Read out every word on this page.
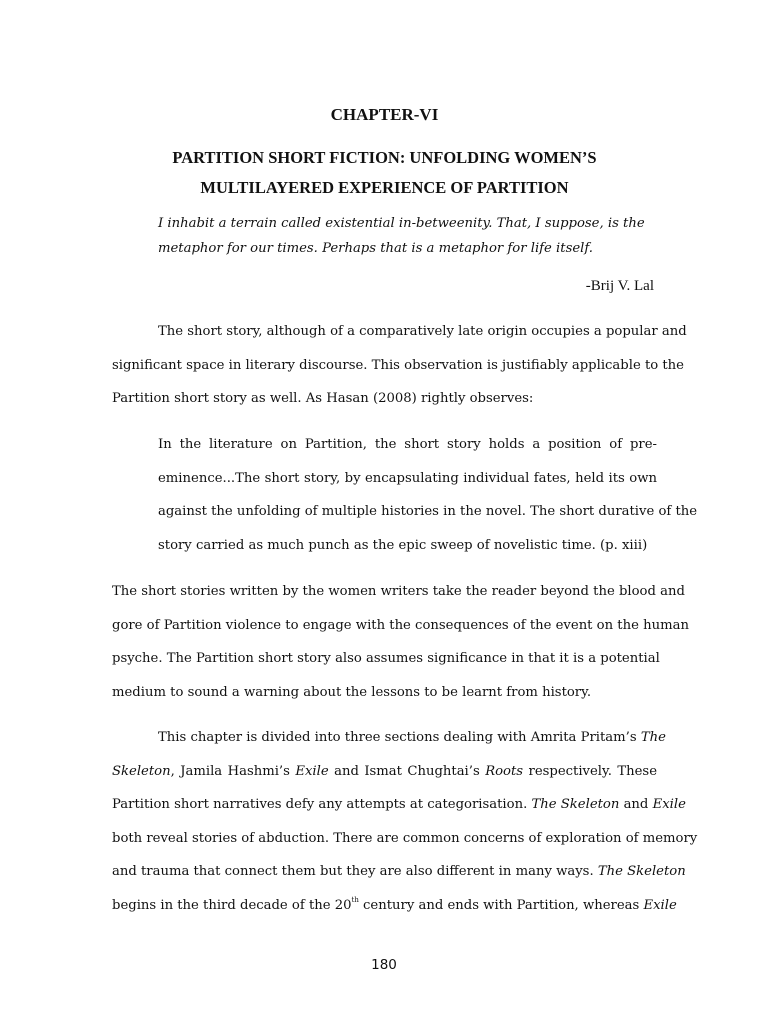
CHAPTER-VI
PARTITION SHORT FICTION: UNFOLDING WOMEN’S
MULTILAYERED EXPERIENCE OF PARTITION
I inhabit a terrain called existential in-betweenity. That, I suppose, is the
metaphor for our times. Perhaps that is a metaphor for life itself.
-Brij V. Lal
The short story, although of a comparatively late origin occupies a popular and
significant space in literary discourse. This observation is justifiably applicable to the
Partition short story as well. As Hasan (2008) rightly observes:
In the literature on Partition, the short story holds a position of pre-
eminence...The short story, by encapsulating individual fates, held its own
against the unfolding of multiple histories in the novel. The short durative of the
story carried as much punch as the epic sweep of novelistic time. (p. xiii)
The short stories written by the women writers take the reader beyond the blood and
gore of Partition violence to engage with the consequences of the event on the human
psyche. The Partition short story also assumes significance in that it is a potential
medium to sound a warning about the lessons to be learnt from history.
This chapter is divided into three sections dealing with Amrita Pritam’s The
Skeleton, Jamila Hashmi’s Exile and Ismat Chughtai’s Roots respectively. These
Partition short narratives defy any attempts at categorisation. The Skeleton and Exile
both reveal stories of abduction. There are common concerns of exploration of memory
and trauma that connect them but they are also different in many ways. The Skeleton
begins in the third decade of the 20th century and ends with Partition, whereas Exile
180
